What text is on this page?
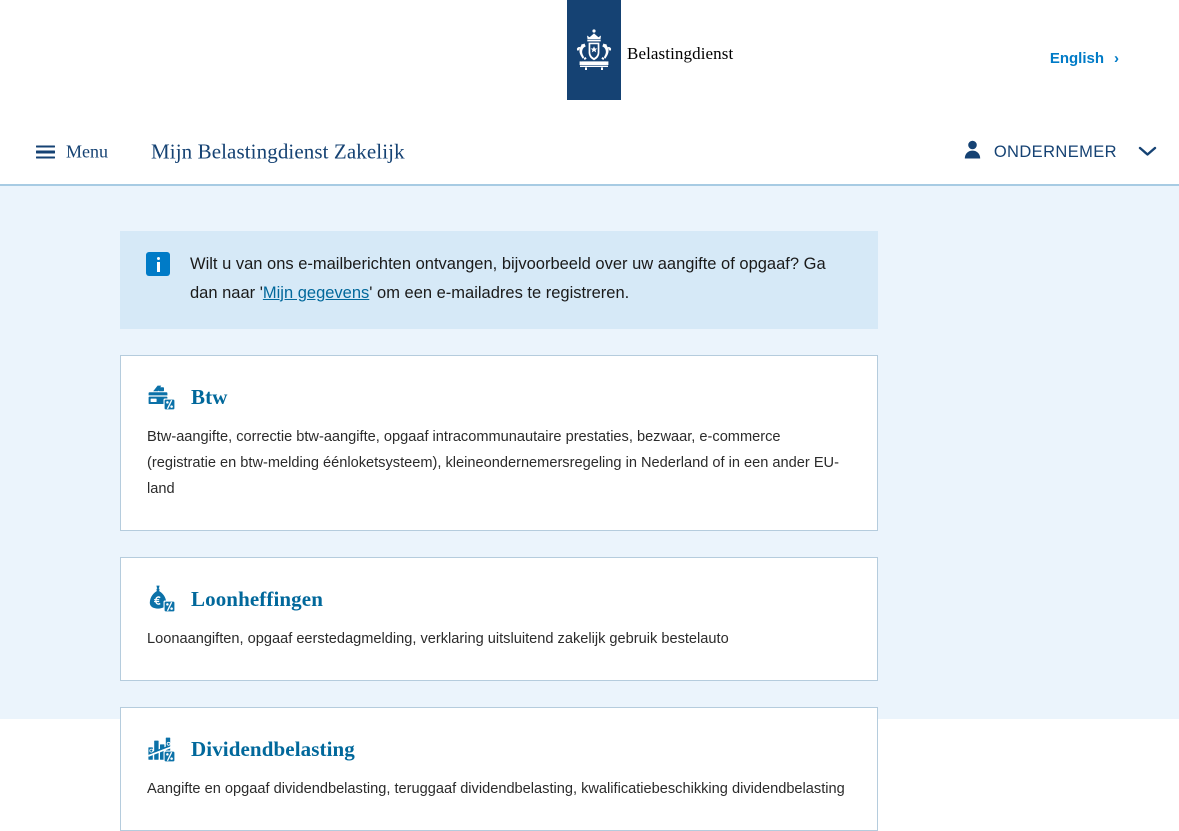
Belastingdienst	English ›
Menu Mijn Belastingdienst Zakelijk	ONDERNEMER
Wilt u van ons e-mailberichten ontvangen, bijvoorbeeld over uw aangifte of opgaaf? Ga dan naar 'Mijn gegevens' om een e-mailadres te registreren.
Btw
Btw-aangifte, correctie btw-aangifte, opgaaf intracommunautaire prestaties, bezwaar, e-commerce (registratie en btw-melding éénloketsysteem), kleineondernemersregeling in Nederland of in een ander EU-land
Loonheffingen
Loonaangiften, opgaaf eerstedagmelding, verklaring uitsluitend zakelijk gebruik bestelauto
Dividendbelasting
Aangifte en opgaaf dividendbelasting, teruggaaf dividendbelasting, kwalificatiebeschikking dividendbelasting
